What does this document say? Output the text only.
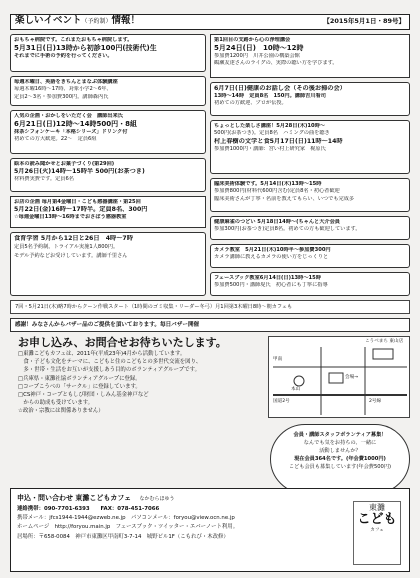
楽しいイベント（予約制）情報！	【2015年5月1日・89号】
おもちゃ病院です。これまたおもちゃ病院します。
5月31日(日)13時から初診100円(技術代)生
それまでに手術の予約を行ってください。
毎週木曜日、英語をきちんとまなぶ体験講座
毎週木曜16時〜17時、対象小学2〜6年、
定員2〜3名・参加費300円。講師森内氏
人気の企画・おかしをいただく会　講師出来氏
6月21日(日)12時〜14時500円・8組
抹茶シフォンケーキ「本格シリーズ」ドリンク付
初めての方大歓迎。22〜　定員6組
絵本の読み聞かせとお菓子づくり(第29回)
5月26日(火)14時〜15時半 500円(お茶つき)
材料費実費です。定員6名
お店の企画 毎月第4金曜日・こども感器講座・第25回
5月22日(金)16時〜17時半。定員8名、300円
☆毎週金曜日13時〜16時までおさぼう感器教室
食育学習 5月から12日と26日　4時〜7時
定員5名予約制。トライアル実施1人800円。
モデル予約などお受けしています。講師千里さん
第1回目の支路から心の浄理講会
5月24日(日)　10時〜12時
参加費1200円　川井公園の構築会館
鶴瀬友達さんのライグの、実際の聴い方を学びます。
6月7日(日)健康のお話し会（その後お掃の会）
13時〜14時　定員8名　150円。講師吉川看司
初めての方歓迎、プロが伝授。
ちょっとした楽しさ講座！5月28日(木)10時〜
500円(お茶つき)。定員8名　ハミングの曲を聴き
村上春樹の文学と食5月17日(日)11時〜14時
参加費1000円・講師：宮い村上研究家　梶原氏
臨床美術体験です。5月14日(木)13時〜15時
参加費800円(材料代600円含む)定員8名・初心者歓迎
臨床美術さんが丁寧・名前を教えてもらい、いつでも完成多
健康麻雀のつどい 5月18日14時〜(ちゃんと大介会員
参加300円(お茶つき)定員8名。初めての方も歓迎しています。
カメラ教室　5月21日(木)10時半〜参加費300円
カメラ講師に教えるカメラの使い方をじっくりと
フェースブック教室6月14日(日)13時〜15時
参加費500円・講師堤氏　初心者にも丁寧に指導
7回・5月21日(木)略7時からクーン作戦スタート（1時間のゴミ収集・リーダー冬弓）月1回第3木曜日8時〜朝カフェも
感謝！みなさんからバザー品のご提供を頂いております。毎日バザー開催
お申し込み、お問合せお待ちいたします。
□東灘こどもカフェは、2011年(平成23年)4月から活動しています。
　食・子ども文化をテーマに、こどもと住のこどもとの多世代交流を図り、
　多・世帯・生活をお互いが支援しあう目的のボランティアグループです。
□兵庫県・東灘社協ボランティアグループに登録。
□コープこうべの「サークル」に登録しています。
□CS神戸・コープともしび財団・しみん基金神戸など
　からの助成も受けています。
☆政治・宗教には関係ありません）
こうべまち 東山店
甲南
本山
国道2号	2号線
会場→
会員・講師スタッフボランティア募集！
なんでも気をお持ちの、一緒に
活動しませんか？
現在会員364名です。(年会費1000円)
こども会員も募集しています(年会費500円)
申込・問い合わせ 東灘こどもカフェ なかむらほゆう
連絡携帯：090-7701-6393　　FAX：078-451-7066
携帯メール：jfcs1944-1944@ezweb.ne.jp　パソコンメール：foryou@view.ocn.ne.jp
ホームページ　http://foryou.main.jp　フェースブック・ツイッター・エバーノート利用。
居場所：〒658-0084　神戸市東灘区甲南町3-7-14　城野ビル1F（こもれび・木改修）
東灘
こども
カフェ
